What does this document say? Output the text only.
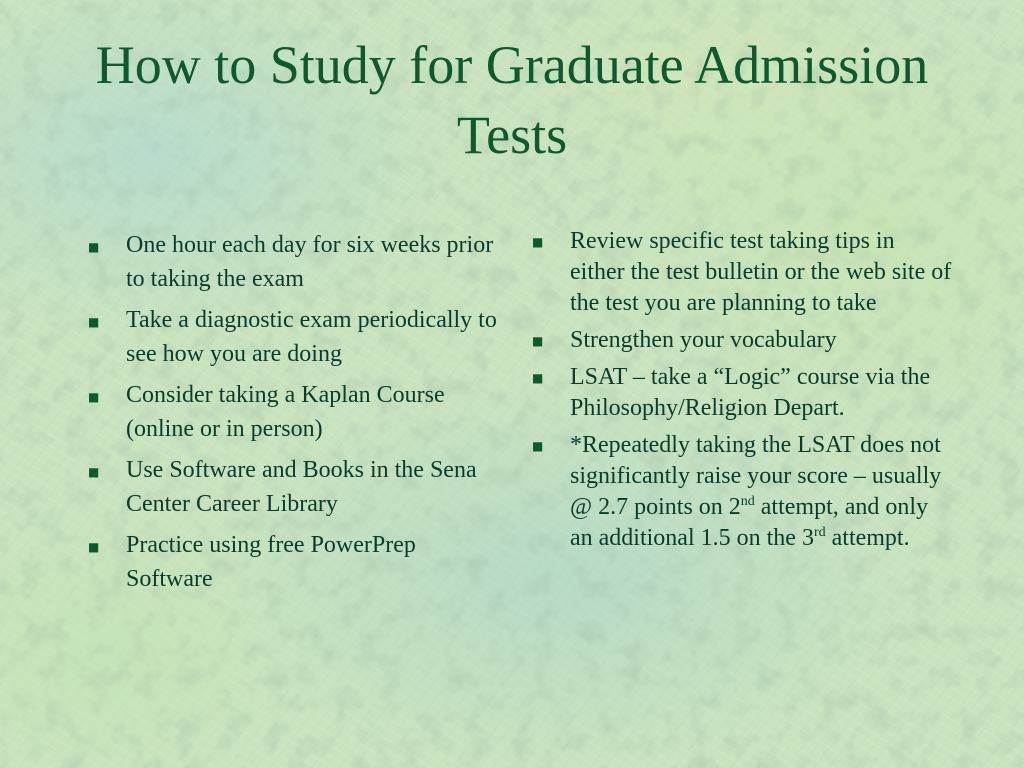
How to Study for Graduate Admission Tests
■ One hour each day for six weeks prior to taking the exam
■ Take a diagnostic exam periodically to see how you are doing
■ Consider taking a Kaplan Course (online or in person)
■ Use Software and Books in the Sena Center Career Library
■ Practice using free PowerPrep Software
■ Review specific test taking tips in either the test bulletin or the web site of the test you are planning to take
■ Strengthen your vocabulary
■ LSAT – take a “Logic” course via the Philosophy/Religion Depart.
■ *Repeatedly taking the LSAT does not significantly raise your score – usually @ 2.7 points on 2nd attempt, and only an additional 1.5 on the 3rd attempt.
